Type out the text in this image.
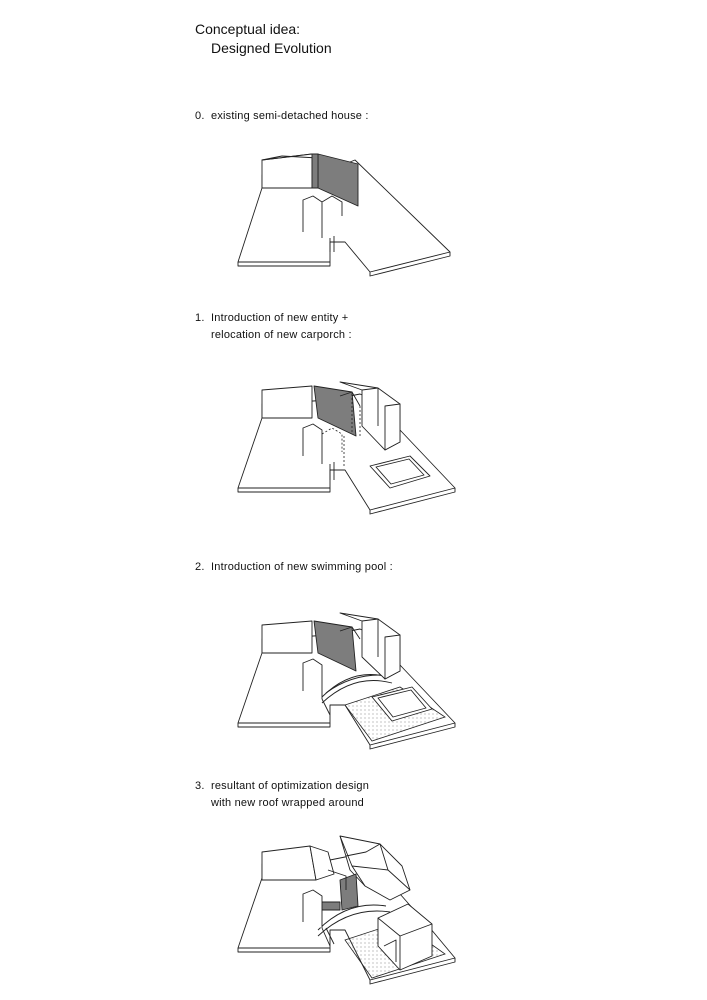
Conceptual idea:
Designed Evolution
0. existing semi-detached house :
1. Introduction of new entity +
relocation of new carporch :
2. Introduction of new swimming pool :
3. resultant of optimization design
with new roof wrapped around
